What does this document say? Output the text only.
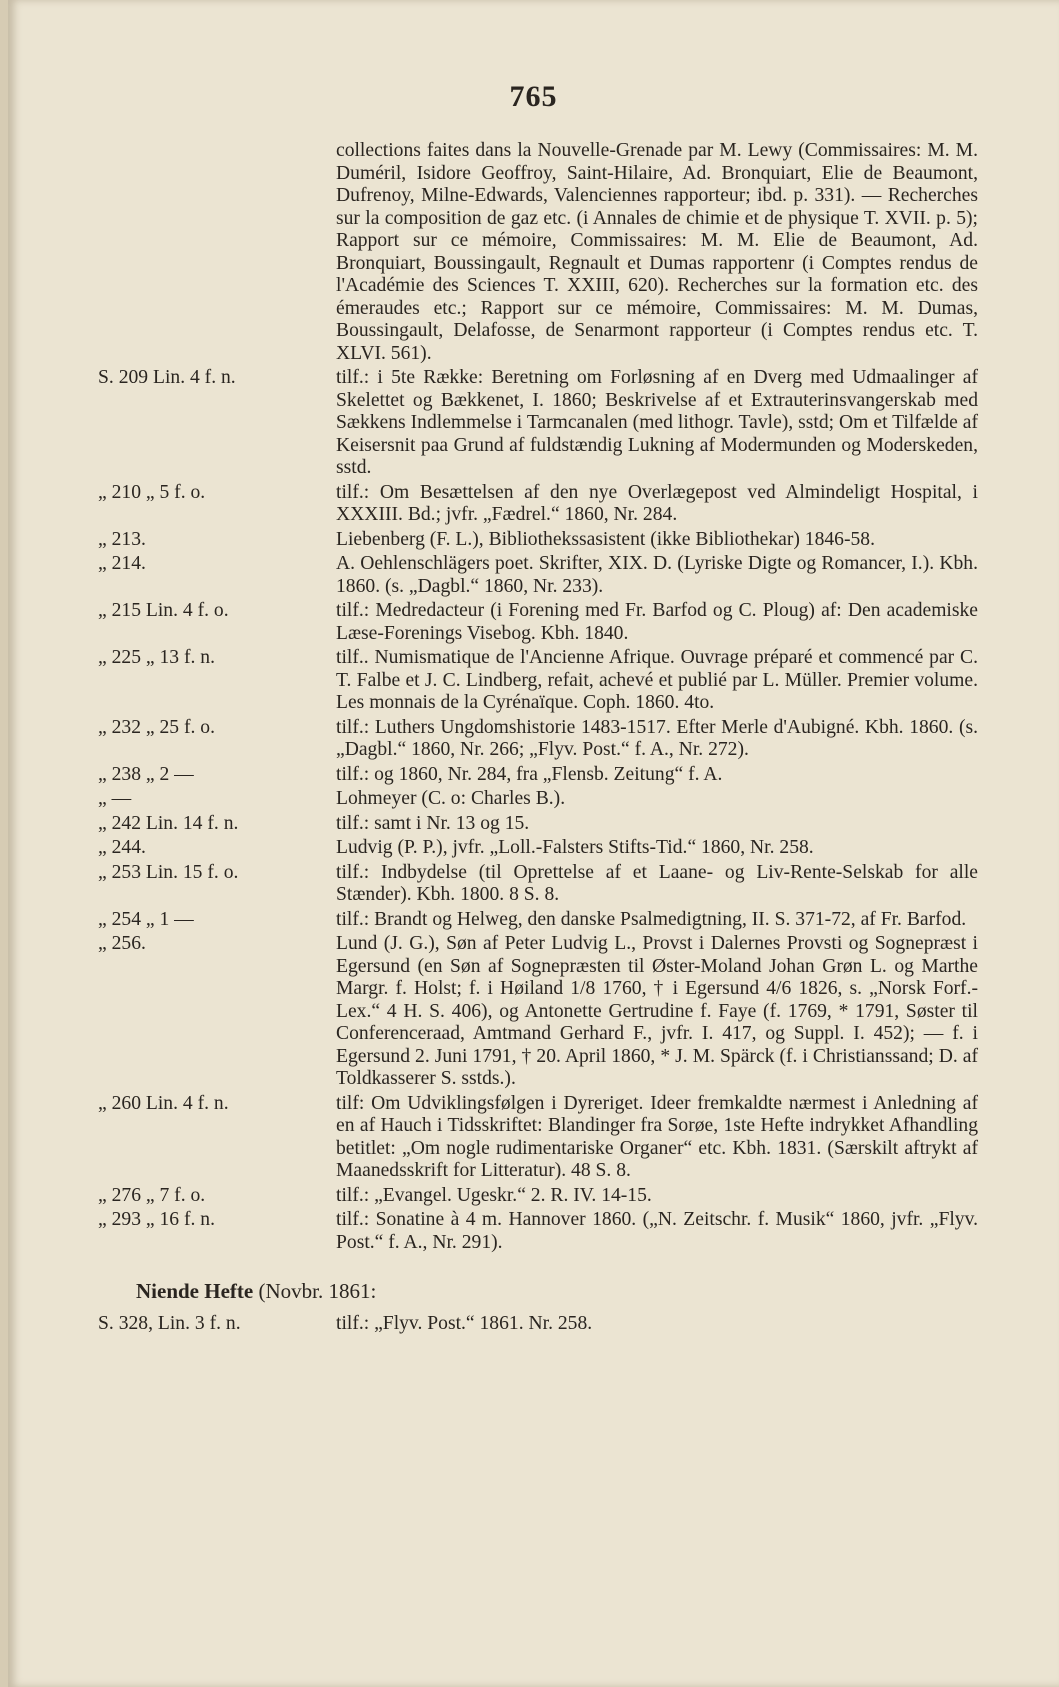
765
collections faites dans la Nouvelle-Grenade par M. Lewy (Commissaires: M. M. Duméril, Isidore Geoffroy, Saint-Hilaire, Ad. Bronquiart, Elie de Beaumont, Dufrenoy, Milne-Edwards, Valenciennes rapporteur; ibd. p. 331). — Recherches sur la composition de gaz etc. (i Annales de chimie et de physique T. XVII. p. 5); Rapport sur ce mémoire, Commissaires: M. M. Elie de Beaumont, Ad. Bronquiart, Boussingault, Regnault et Dumas rapportenr (i Comptes rendus de l'Académie des Sciences T. XXIII, 620). Recherches sur la formation etc. des émeraudes etc.; Rapport sur ce mémoire, Commissaires: M. M. Dumas, Boussingault, Delafosse, de Senarmont rapporteur (i Comptes rendus etc. T. XLVI. 561).
S. 209 Lin. 4 f. n.	tilf.: i 5te Række: Beretning om Forløsning af en Dverg med Udmaalinger af Skelettet og Bækkenet, I. 1860; Beskrivelse af et Extrauterinsvangerskab med Sækkens Indlemmelse i Tarmcanalen (med lithogr. Tavle), sstd; Om et Tilfælde af Keisersnit paa Grund af fuldstændig Lukning af Modermunden og Moderskeden, sstd.
„ 210 „ 5 f. o.	tilf.: Om Besættelsen af den nye Overlægepost ved Almindeligt Hospital, i XXXIII. Bd.; jvfr. „Fædrel.“ 1860, Nr. 284.
„ 213.	Liebenberg (F. L.), Bibliothekssasistent (ikke Bibliothekar) 1846-58.
„ 214.	A. Oehlenschlägers poet. Skrifter, XIX. D. (Lyriske Digte og Romancer, I.). Kbh. 1860. (s. „Dagbl.“ 1860, Nr. 233).
„ 215 Lin. 4 f. o.	tilf.: Medredacteur (i Forening med Fr. Barfod og C. Ploug) af: Den academiske Læse-Forenings Visebog. Kbh. 1840.
„ 225 „ 13 f. n.	tilf.. Numismatique de l'Ancienne Afrique. Ouvrage préparé et commencé par C. T. Falbe et J. C. Lindberg, refait, achevé et publié par L. Müller. Premier volume. Les monnais de la Cyrénaïque. Coph. 1860. 4to.
„ 232 „ 25 f. o.	tilf.: Luthers Ungdomshistorie 1483-1517. Efter Merle d'Aubigné. Kbh. 1860. (s. „Dagbl.“ 1860, Nr. 266; „Flyv. Post.“ f. A., Nr. 272).
„ 238 „ 2 —	tilf.: og 1860, Nr. 284, fra „Flensb. Zeitung“ f. A.
„ —	Lohmeyer (C. o: Charles B.).
„ 242 Lin. 14 f. n.	tilf.: samt i Nr. 13 og 15.
„ 244.	Ludvig (P. P.), jvfr. „Loll.-Falsters Stifts-Tid.“ 1860, Nr. 258.
„ 253 Lin. 15 f. o.	tilf.: Indbydelse (til Oprettelse af et Laane- og Liv-Rente-Selskab for alle Stænder). Kbh. 1800. 8 S. 8.
„ 254 „ 1 —	tilf.: Brandt og Helweg, den danske Psalmedigtning, II. S. 371-72, af Fr. Barfod.
„ 256.	Lund (J. G.), Søn af Peter Ludvig L., Provst i Dalernes Provsti og Sognepræst i Egersund (en Søn af Sognepræsten til Øster-Moland Johan Grøn L. og Marthe Margr. f. Holst; f. i Høiland 1/8 1760, † i Egersund 4/6 1826, s. „Norsk Forf.-Lex.“ 4 H. S. 406), og Antonette Gertrudine f. Faye (f. 1769, * 1791, Søster til Conferenceraad, Amtmand Gerhard F., jvfr. I. 417, og Suppl. I. 452); — f. i Egersund 2. Juni 1791, † 20. April 1860, * J. M. Spärck (f. i Christianssand; D. af Toldkasserer S. sstds.).
„ 260 Lin. 4 f. n.	tilf: Om Udviklingsfølgen i Dyreriget. Ideer fremkaldte nærmest i Anledning af en af Hauch i Tidsskriftet: Blandinger fra Sorøe, 1ste Hefte indrykket Afhandling betitlet: „Om nogle rudimentariske Organer“ etc. Kbh. 1831. (Særskilt aftrykt af Maanedsskrift for Litteratur). 48 S. 8.
„ 276 „ 7 f. o.	tilf.: „Evangel. Ugeskr.“ 2. R. IV. 14-15.
„ 293 „ 16 f. n.	tilf.: Sonatine à 4 m. Hannover 1860. („N. Zeitschr. f. Musik“ 1860, jvfr. „Flyv. Post.“ f. A., Nr. 291).
Niende Hefte (Novbr. 1861:
S. 328, Lin. 3 f. n.	tilf.: „Flyv. Post.“ 1861. Nr. 258.
